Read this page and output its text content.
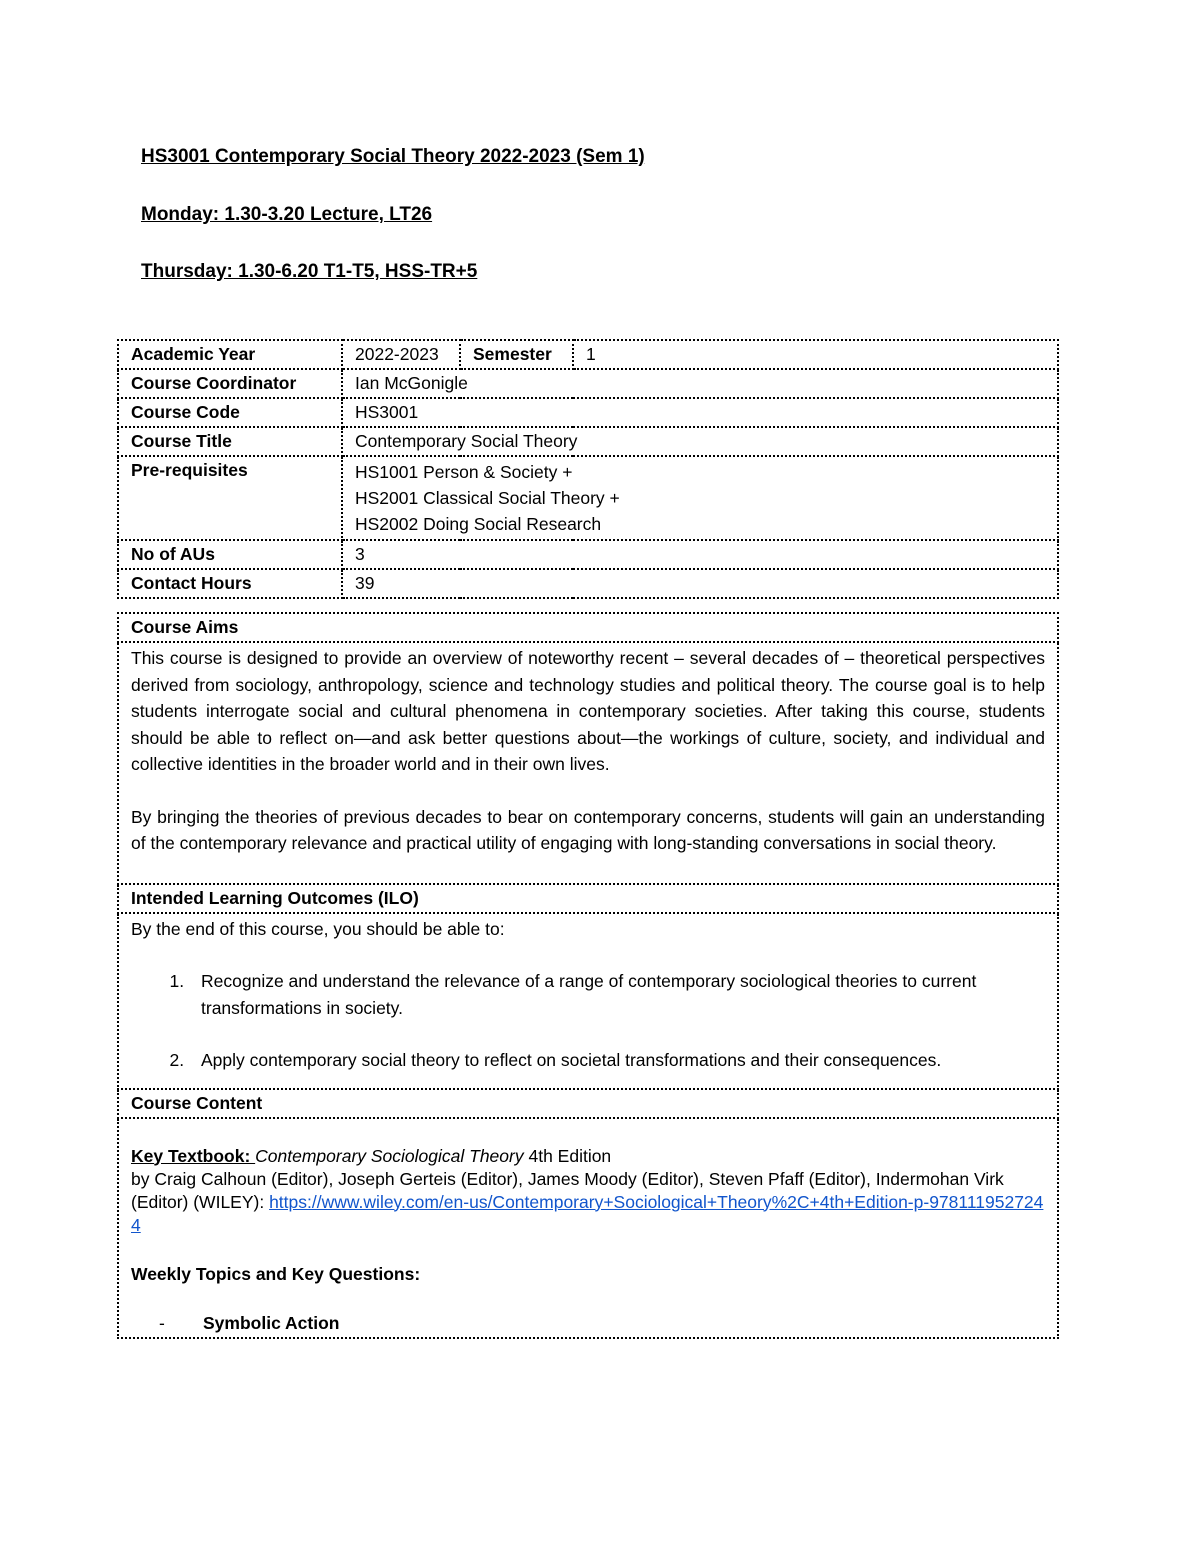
HS3001 Contemporary Social Theory 2022-2023 (Sem 1)

Monday: 1.30-3.20 Lecture, LT26

Thursday: 1.30-6.20 T1-T5, HSS-TR+5

Academic Year	2022-2023	Semester	1
Course Coordinator	Ian McGonigle		
Course Code	HS3001		
Course Title	Contemporary Social Theory		
Pre-requisites	HS1001 Person & Society +
HS2001 Classical Social Theory +
HS2002 Doing Social Research		

No of AUs	3		
Contact Hours	39		
Course Aims

This course is designed to provide an overview of noteworthy recent – several decades of – theoretical perspectives derived from sociology, anthropology, science and technology studies and political theory. The course goal is to help students interrogate social and cultural phenomena in contemporary societies. After taking this course, students should be able to reflect on—and ask better questions about—the workings of culture, society, and individual and collective identities in the broader world and in their own lives.

By bringing the theories of previous decades to bear on contemporary concerns, students will gain an understanding of the contemporary relevance and practical utility of engaging with long-standing conversations in social theory.

Intended Learning Outcomes (ILO)

By the end of this course, you should be able to:

1. Recognize and understand the relevance of a range of contemporary sociological theories to current transformations in society.
2. Apply contemporary social theory to reflect on societal transformations and their consequences.

Course Content

Key Textbook: Contemporary Sociological Theory 4th Edition

by Craig Calhoun (Editor), Joseph Gerteis (Editor), James Moody (Editor), Steven Pfaff (Editor), Indermohan Virk (Editor) (WILEY): https://www.wiley.com/en-us/Contemporary+Sociological+Theory%2C+4th+Edition-p-9781119527244

Weekly Topics and Key Questions:

- Symbolic Action
